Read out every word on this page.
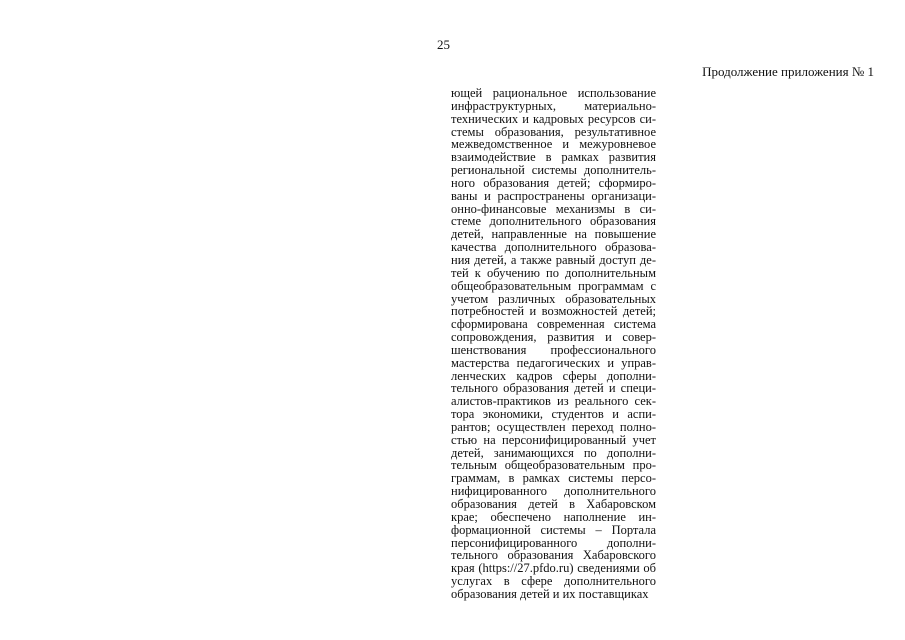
25
Продолжение приложения № 1
ющей рациональное использование
инфраструктурных, материально-
технических и кадровых ресурсов си-
стемы образования, результативное
межведомственное и межуровневое
взаимодействие в рамках развития
региональной системы дополнитель-
ного образования детей; сформиро-
ваны и распространены организаци-
онно-финансовые механизмы в си-
стеме дополнительного образования
детей, направленные на повышение
качества дополнительного образова-
ния детей, а также равный доступ де-
тей к обучению по дополнительным
общеобразовательным программам с
учетом различных образовательных
потребностей и возможностей детей;
сформирована современная система
сопровождения, развития и совер-
шенствования профессионального
мастерства педагогических и управ-
ленческих кадров сферы дополни-
тельного образования детей и специ-
алистов-практиков из реального сек-
тора экономики, студентов и аспи-
рантов; осуществлен переход полно-
стью на персонифицированный учет
детей, занимающихся по дополни-
тельным общеобразовательным про-
граммам, в рамках системы персо-
нифицированного дополнительного
образования детей в Хабаровском
крае; обеспечено наполнение ин-
формационной системы – Портала
персонифицированного дополни-
тельного образования Хабаровского
края (https://27.pfdo.ru) сведениями об
услугах в сфере дополнительного
образования детей и их поставщиках
